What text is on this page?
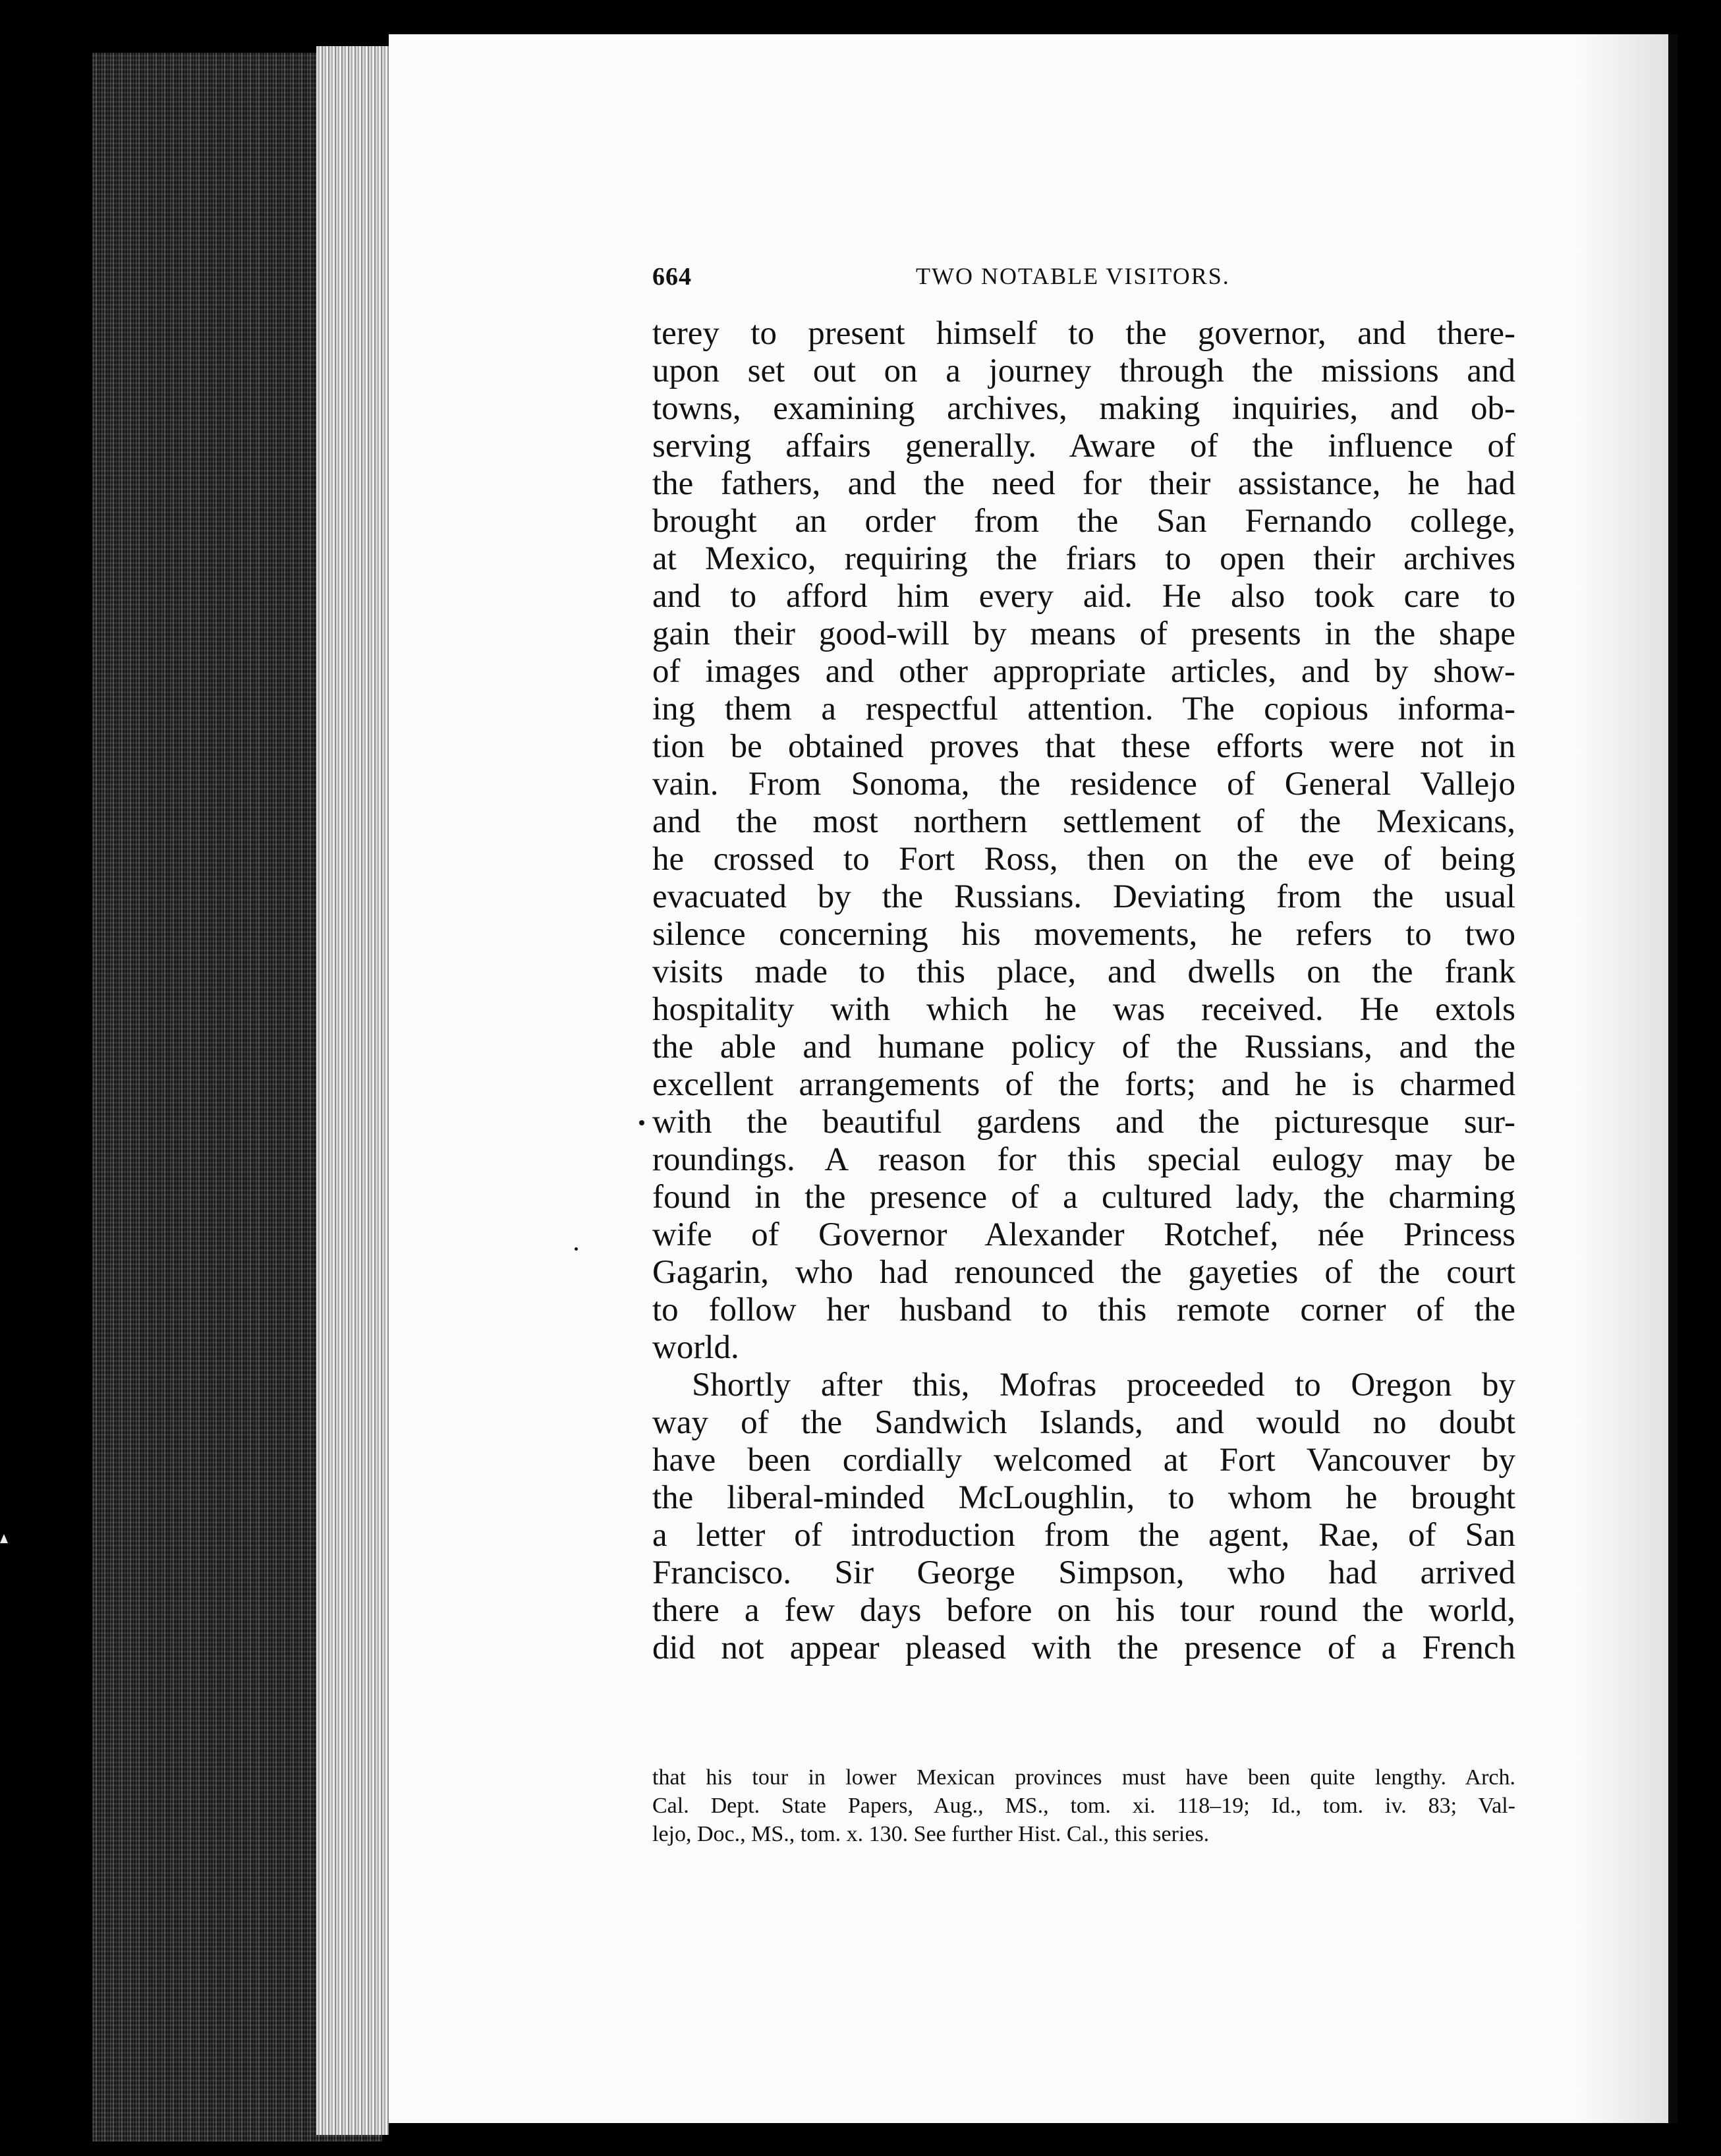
664	TWO NOTABLE VISITORS.
terey to present himself to the governor, and there-
upon set out on a journey through the missions and
towns, examining archives, making inquiries, and ob-
serving affairs generally. Aware of the influence of
the fathers, and the need for their assistance, he had
brought an order from the San Fernando college,
at Mexico, requiring the friars to open their archives
and to afford him every aid. He also took care to
gain their good-will by means of presents in the shape
of images and other appropriate articles, and by show-
ing them a respectful attention. The copious informa-
tion be obtained proves that these efforts were not in
vain. From Sonoma, the residence of General Vallejo
and the most northern settlement of the Mexicans,
he crossed to Fort Ross, then on the eve of being
evacuated by the Russians. Deviating from the usual
silence concerning his movements, he refers to two
visits made to this place, and dwells on the frank
hospitality with which he was received. He extols
the able and humane policy of the Russians, and the
excellent arrangements of the forts; and he is charmed
with the beautiful gardens and the picturesque sur-
roundings. A reason for this special eulogy may be
found in the presence of a cultured lady, the charming
wife of Governor Alexander Rotchef, née Princess
Gagarin, who had renounced the gayeties of the court
to follow her husband to this remote corner of the
world.
Shortly after this, Mofras proceeded to Oregon by
way of the Sandwich Islands, and would no doubt
have been cordially welcomed at Fort Vancouver by
the liberal-minded McLoughlin, to whom he brought
a letter of introduction from the agent, Rae, of San
Francisco. Sir George Simpson, who had arrived
there a few days before on his tour round the world,
did not appear pleased with the presence of a French
that his tour in lower Mexican provinces must have been quite lengthy. Arch.
Cal. Dept. State Papers, Aug., MS., tom. xi. 118–19; Id., tom. iv. 83; Val-
lejo, Doc., MS., tom. x. 130. See further Hist. Cal., this series.
